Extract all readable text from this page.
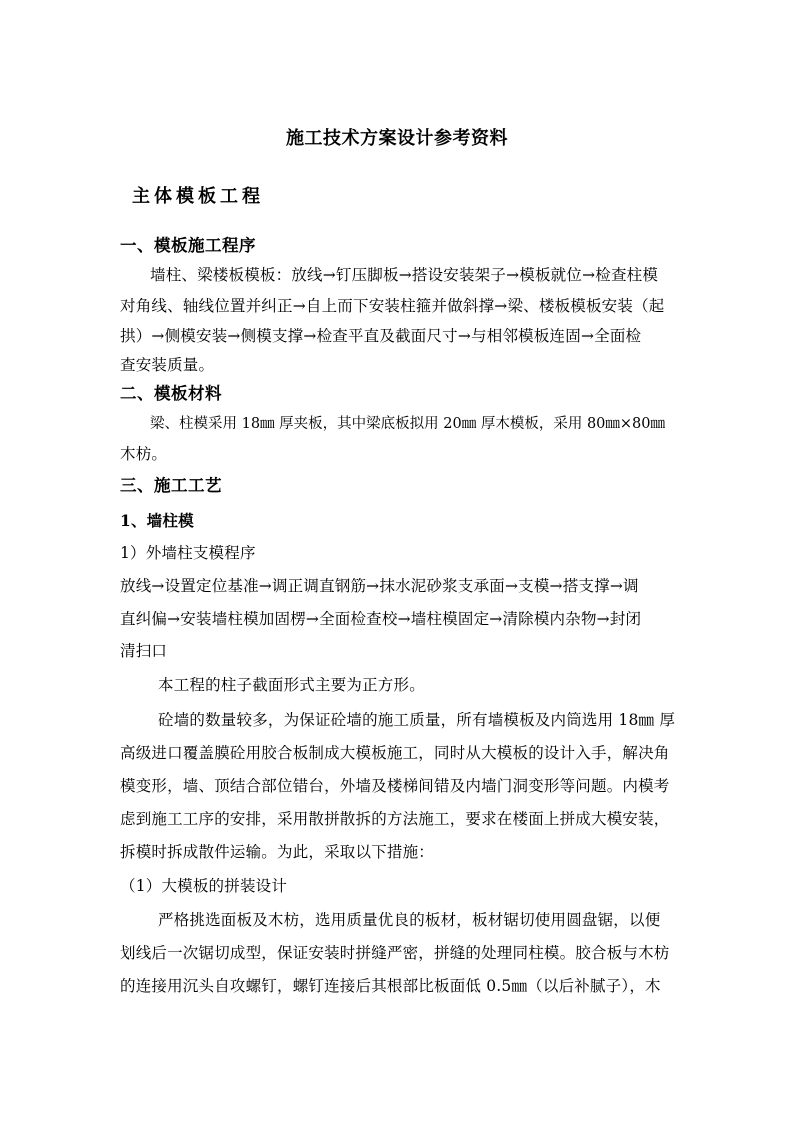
施工技术方案设计参考资料
主体模板工程
一、模板施工程序
墙柱、梁楼板模板：放线→钉压脚板→搭设安装架子→模板就位→检查柱模
对角线、轴线位置并纠正→自上而下安装柱箍并做斜撑→梁、楼板模板安装（起
拱）→侧模安装→侧模支撑→检查平直及截面尺寸→与相邻模板连固→全面检
查安装质量。
二、模板材料
梁、柱模采用 18㎜ 厚夹板，其中梁底板拟用 20㎜ 厚木模板，采用 80㎜×80㎜
木枋。
三、施工工艺
1、墙柱模
1）外墙柱支模程序
放线→设置定位基准→调正调直钢筋→抹水泥砂浆支承面→支模→搭支撑→调
直纠偏→安装墙柱模加固楞→全面检查校→墙柱模固定→清除模内杂物→封闭
清扫口
本工程的柱子截面形式主要为正方形。
砼墙的数量较多，为保证砼墙的施工质量，所有墙模板及内筒选用 18㎜ 厚
高级进口覆盖膜砼用胶合板制成大模板施工，同时从大模板的设计入手，解决角
模变形，墙、顶结合部位错台，外墙及楼梯间错及内墙门洞变形等问题。内模考
虑到施工工序的安排，采用散拼散拆的方法施工，要求在楼面上拼成大模安装，
拆模时拆成散件运输。为此，采取以下措施：
（1）大模板的拼装设计
严格挑选面板及木枋，选用质量优良的板材，板材锯切使用圆盘锯，以便
划线后一次锯切成型，保证安装时拼缝严密，拼缝的处理同柱模。胶合板与木枋
的连接用沉头自攻螺钉，螺钉连接后其根部比板面低 0.5㎜（以后补腻子），木
